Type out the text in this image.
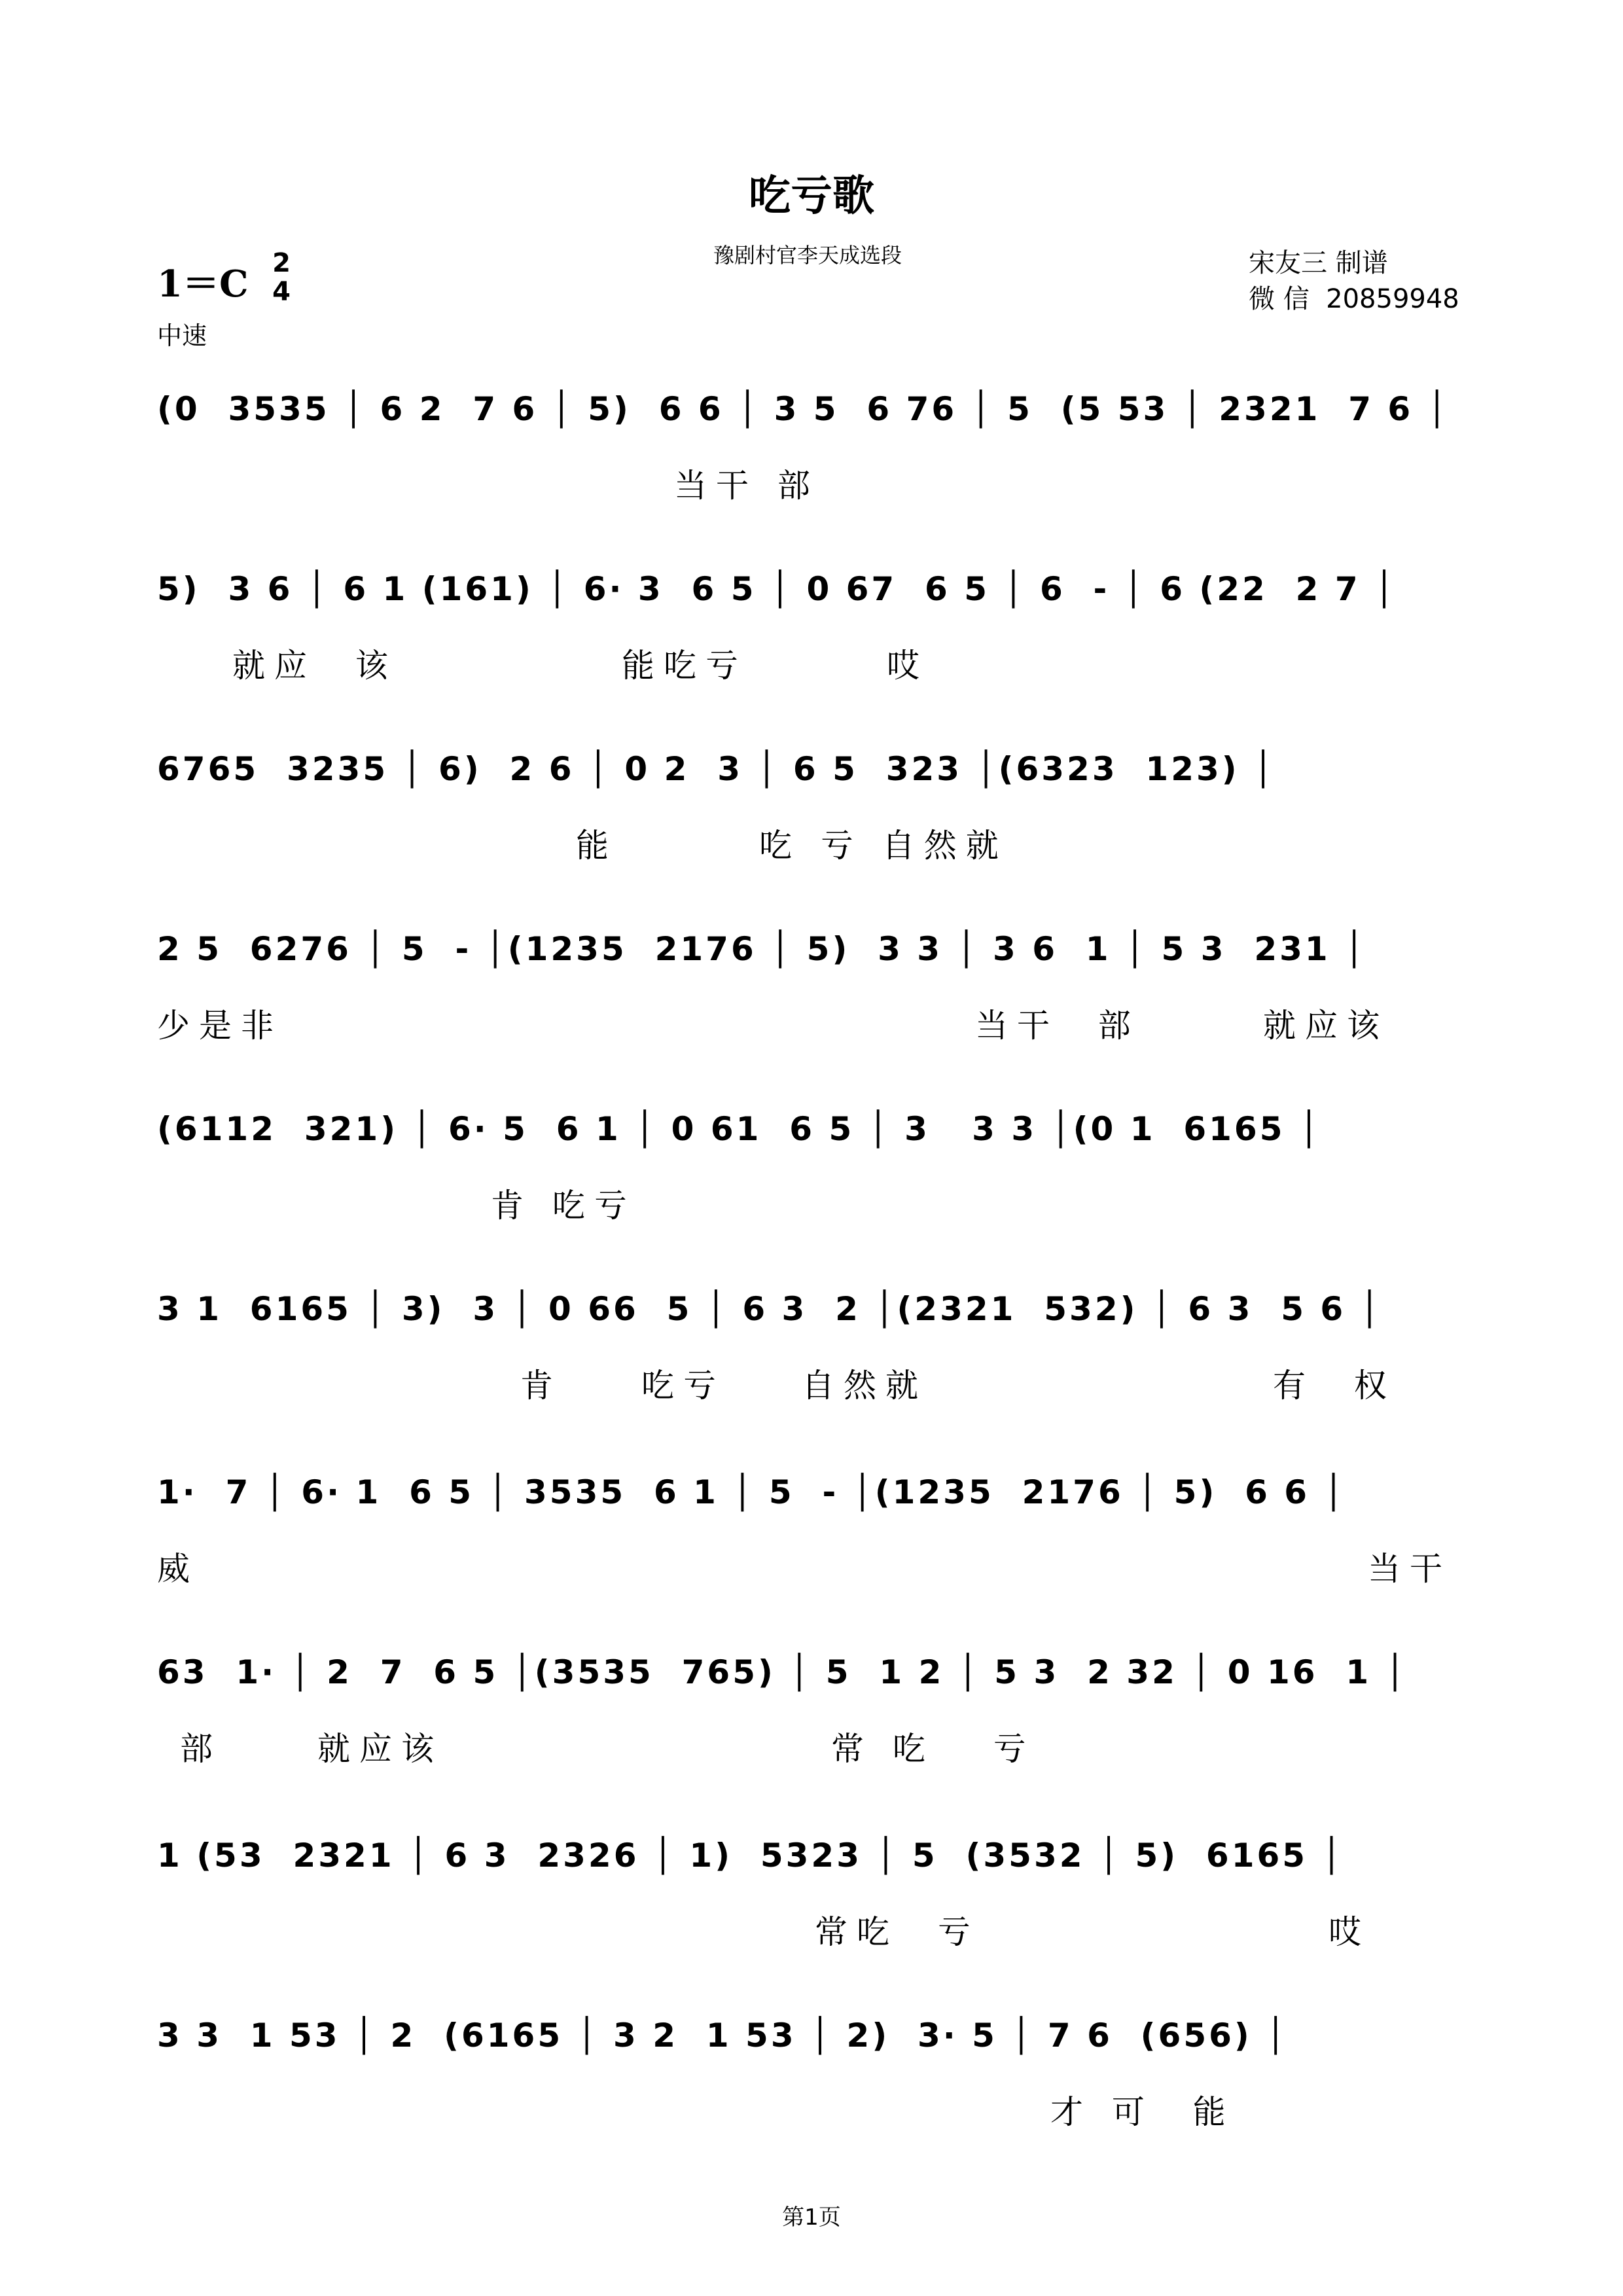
吃亏歌
豫剧村官李天成选段	宋友三 制谱
微 信 20859948
1＝C 2
4
中速
(0  3535 │ 6 2  7 6 │ 5)  6 6 │ 3 5  6 76 │ 5  (5 53 │ 2321  7 6 │
当干 部
5)  3 6 │ 6 1 (161) │ 6· 3  6 5 │ 0 67  6 5 │ 6  - │ 6 (22  2 7 │
就应  该	能吃亏	哎
6765  3235 │ 6)  2 6 │ 0 2  3 │ 6 5  323 │(6323  123) │
能	吃 亏 自然就
2 5  6276 │ 5  - │(1235  2176 │ 5)  3 3 │ 3 6  1 │ 5 3  231 │
少是非	当干  部	就应该
(6112  321) │ 6· 5  6 1 │ 0 61  6 5 │ 3   3 3 │(0 1  6165 │
肯 吃亏
3 1  6165 │ 3)  3 │ 0 66  5 │ 6 3  2 │(2321  532) │ 6 3  5 6 │
肯 吃亏 自然就	有  权
1·  7 │ 6· 1  6 5 │ 3535  6 1 │ 5  - │(1235  2176 │ 5)  6 6 │
威	当干
63  1· │ 2  7  6 5 │(3535  765) │ 5  1 2 │ 5 3  2 32 │ 0 16  1 │
部	就应该	常 吃   亏
1 (53  2321 │ 6 3  2326 │ 1)  5323 │ 5  (3532 │ 5)  6165 │
常吃  亏	哎
3 3  1 53 │ 2  (6165 │ 3 2  1 53 │ 2)  3· 5 │ 7 6  (656) │
才 可  能
第1页
